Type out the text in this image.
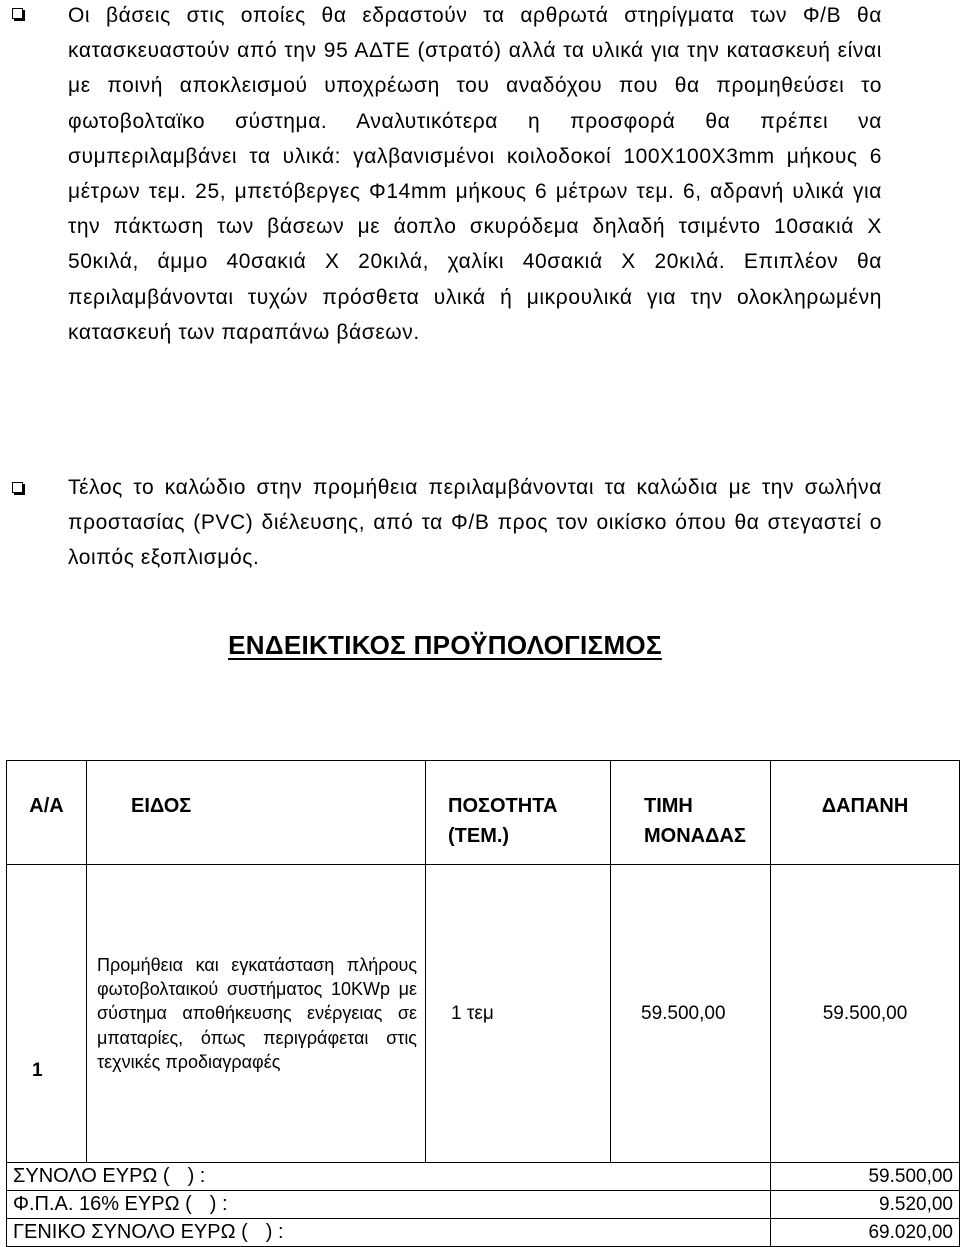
Οι βάσεις στις οποίες θα εδραστούν τα αρθρωτά στηρίγματα των Φ/Β θα κατασκευαστούν από την 95 ΑΔΤΕ (στρατό) αλλά τα υλικά για την κατασκευή είναι με ποινή αποκλεισμού υποχρέωση του αναδόχου που θα προμηθεύσει το φωτοβολταϊκο σύστημα. Αναλυτικότερα η προσφορά θα πρέπει να συμπεριλαμβάνει τα υλικά: γαλβανισμένοι κοιλοδοκοί 100Χ100Χ3mm μήκους 6 μέτρων τεμ. 25, μπετόβεργες Φ14mm μήκους 6 μέτρων τεμ. 6, αδρανή υλικά για την πάκτωση των βάσεων με άοπλο σκυρόδεμα δηλαδή τσιμέντο 10σακιά Χ 50κιλά, άμμο 40σακιά Χ 20κιλά, χαλίκι 40σακιά Χ 20κιλά. Επιπλέον θα περιλαμβάνονται τυχών πρόσθετα υλικά ή μικρουλικά για την ολοκληρωμένη κατασκευή των παραπάνω βάσεων.

Τέλος το καλώδιο στην προμήθεια περιλαμβάνονται τα καλώδια με την σωλήνα προστασίας (PVC) διέλευσης, από τα Φ/Β προς τον οικίσκο όπου θα στεγαστεί ο λοιπός εξοπλισμός.

ΕΝΔΕΙΚΤΙΚΟΣ ΠΡΟΫΠΟΛΟΓΙΣΜΟΣ
Α/Α	ΕΙΔΟΣ	ΠΟΣΟΤΗΤΑ (ΤΕΜ.)	ΤΙΜΗ ΜΟΝΑΔΑΣ	ΔΑΠΑΝΗ

1	Προμήθεια και εγκατάσταση πλήρους φωτοβολταικού συστήματος 10KWp με σύστημα αποθήκευσης ενέργειας σε μπαταρίες, όπως περιγράφεται στις τεχνικές προδιαγραφές	1 τεμ	59.500,00	59.500,00
ΣΥΝΟΛΟ ΕΥΡΩ ( ) :				59.500,00
Φ.Π.Α. 16% ΕΥΡΩ ( ) :				9.520,00
ΓΕΝΙΚΟ ΣΥΝΟΛΟ ΕΥΡΩ ( ) :				69.020,00
